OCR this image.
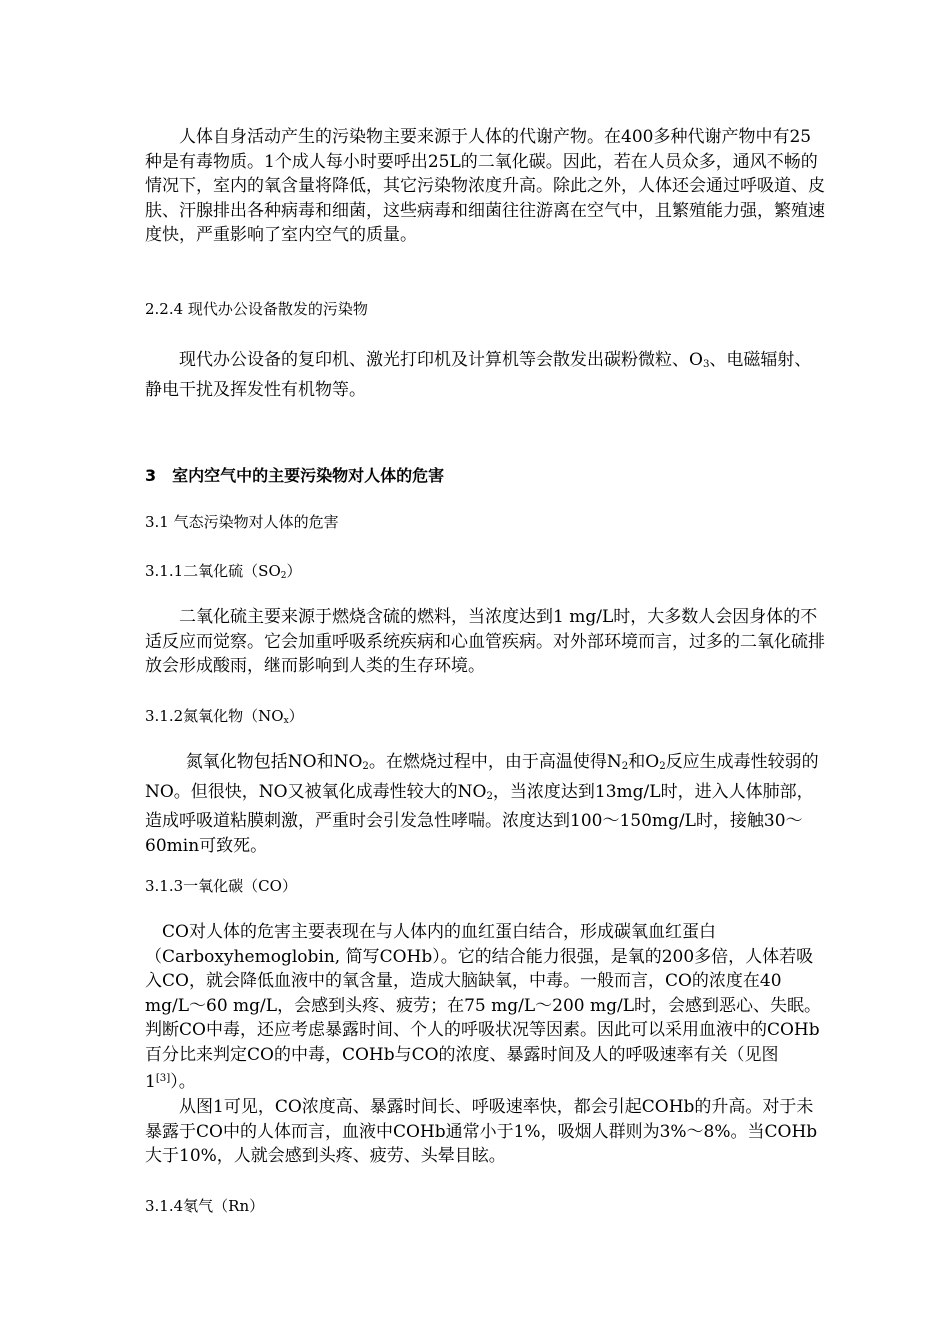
人体自身活动产生的污染物主要来源于人体的代谢产物。在400多种代谢产物中有25 种是有毒物质。1个成人每小时要呼出25L的二氧化碳。因此，若在人员众多，通风不畅的情况下，室内的氧含量将降低，其它污染物浓度升高。除此之外，人体还会通过呼吸道、皮肤、汗腺排出各种病毒和细菌，这些病毒和细菌往往游离在空气中，且繁殖能力强，繁殖速度快，严重影响了室内空气的质量。

2.2.4 现代办公设备散发的污染物

现代办公设备的复印机、激光打印机及计算机等会散发出碳粉微粒、$O_3$、电磁辐射、静电干扰及挥发性有机物等。

3　室内空气中的主要污染物对人体的危害

3.1 气态污染物对人体的危害

3.1.1二氧化硫$(SO_2)$

二氧化硫主要来源于燃烧含硫的燃料，当浓度达到1 mg/L时，大多数人会因身体的不适反应而觉察。它会加重呼吸系统疾病和心血管疾病。对外部环境而言，过多的二氧化硫排放会形成酸雨，继而影响到人类的生存环境。

3.1.2氮氧化物$(NO_x)$

氮氧化物包括NO和$NO_2$。在燃烧过程中，由于高温使得$N_2$和$O_2$反应生成毒性较弱的NO。但很快，NO又被氧化成毒性较大的$NO_2$，当浓度达到13mg/L时，进入人体肺部，造成呼吸道粘膜刺激，严重时会引发急性哮喘。浓度达到100～150mg/L时，接触30～60min可致死。

3.1.3一氧化碳（CO）

CO对人体的危害主要表现在与人体内的血红蛋白结合，形成碳氧血红蛋白（Carboxyhemoglobin, 简写COHb）。它的结合能力很强，是氧的200多倍，人体若吸入CO，就会降低血液中的氧含量，造成大脑缺氧，中毒。一般而言，CO的浓度在40 mg/L～60 mg/L，会感到头疼、疲劳；在75 mg/L～200 mg/L时，会感到恶心、失眠。判断CO中毒，还应考虑暴露时间、个人的呼吸状况等因素。因此可以采用血液中的COHb百分比来判定CO的中毒，COHb与CO的浓度、暴露时间及人的呼吸速率有关（见图1[3]）。

从图1可见，CO浓度高、暴露时间长、呼吸速率快，都会引起COHb的升高。对于未暴露于CO中的人体而言，血液中COHb通常小于1%，吸烟人群则为3%～8%。当COHb大于10%，人就会感到头疼、疲劳、头晕目眩。

3.1.4氡气（Rn）
